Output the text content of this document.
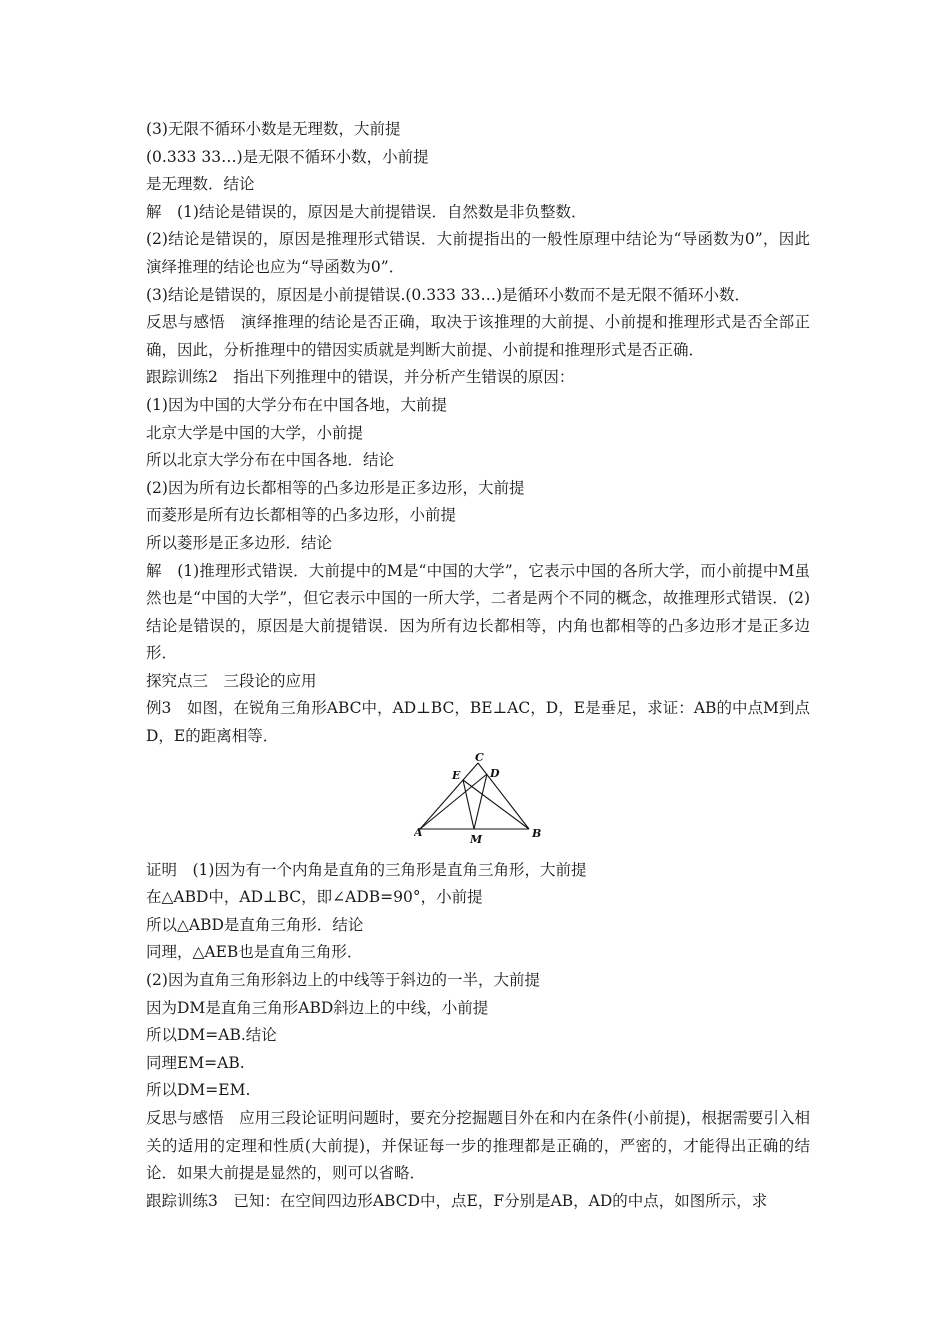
(3)无限不循环小数是无理数，大前提
(0.333 33…)是无限不循环小数，小前提
是无理数．结论
解　(1)结论是错误的，原因是大前提错误．自然数是非负整数．
(2)结论是错误的，原因是推理形式错误．大前提指出的一般性原理中结论为“导函数为0”，因此演绎推理的结论也应为“导函数为0”．
(3)结论是错误的，原因是小前提错误.(0.333 33…)是循环小数而不是无限不循环小数．
反思与感悟　演绎推理的结论是否正确，取决于该推理的大前提、小前提和推理形式是否全部正确，因此，分析推理中的错因实质就是判断大前提、小前提和推理形式是否正确．
跟踪训练2　指出下列推理中的错误，并分析产生错误的原因：
(1)因为中国的大学分布在中国各地，大前提
北京大学是中国的大学，小前提
所以北京大学分布在中国各地．结论
(2)因为所有边长都相等的凸多边形是正多边形，大前提
而菱形是所有边长都相等的凸多边形，小前提
所以菱形是正多边形．结论
解　(1)推理形式错误．大前提中的M是“中国的大学”，它表示中国的各所大学，而小前提中M虽然也是“中国的大学”，但它表示中国的一所大学，二者是两个不同的概念，故推理形式错误．(2)结论是错误的，原因是大前提错误．因为所有边长都相等，内角也都相等的凸多边形才是正多边形．
探究点三　三段论的应用
例3　如图，在锐角三角形ABC中，AD⊥BC，BE⊥AC，D，E是垂足，求证：AB的中点M到点D，E的距离相等．
A	B
C
D
E
M
证明　(1)因为有一个内角是直角的三角形是直角三角形，大前提
在△ABD中，AD⊥BC，即∠ADB=90°，小前提
所以△ABD是直角三角形．结论
同理，△AEB也是直角三角形．
(2)因为直角三角形斜边上的中线等于斜边的一半，大前提
因为DM是直角三角形ABD斜边上的中线，小前提
所以DM=AB.结论
同理EM=AB.
所以DM=EM.
反思与感悟　应用三段论证明问题时，要充分挖掘题目外在和内在条件(小前提)，根据需要引入相关的适用的定理和性质(大前提)，并保证每一步的推理都是正确的，严密的，才能得出正确的结论．如果大前提是显然的，则可以省略．
跟踪训练3　已知：在空间四边形ABCD中，点E，F分别是AB，AD的中点，如图所示，求
